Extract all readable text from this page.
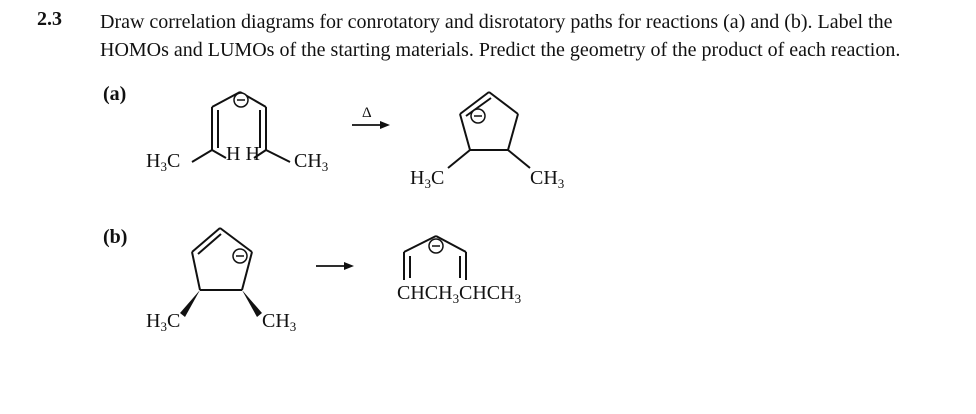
2.3 Draw correlation diagrams for conrotatory and disrotatory paths for reactions (a) and (b). Label the HOMOs and LUMOs of the starting materials. Predict the geometry of the product of each reaction.
(a)
Δ
$H_3C$ H H $CH_3$
$H_3C$	$CH_3$
(b)
$H_3C$	$CH_3$
$CHCH_3$ $CHCH_3$
